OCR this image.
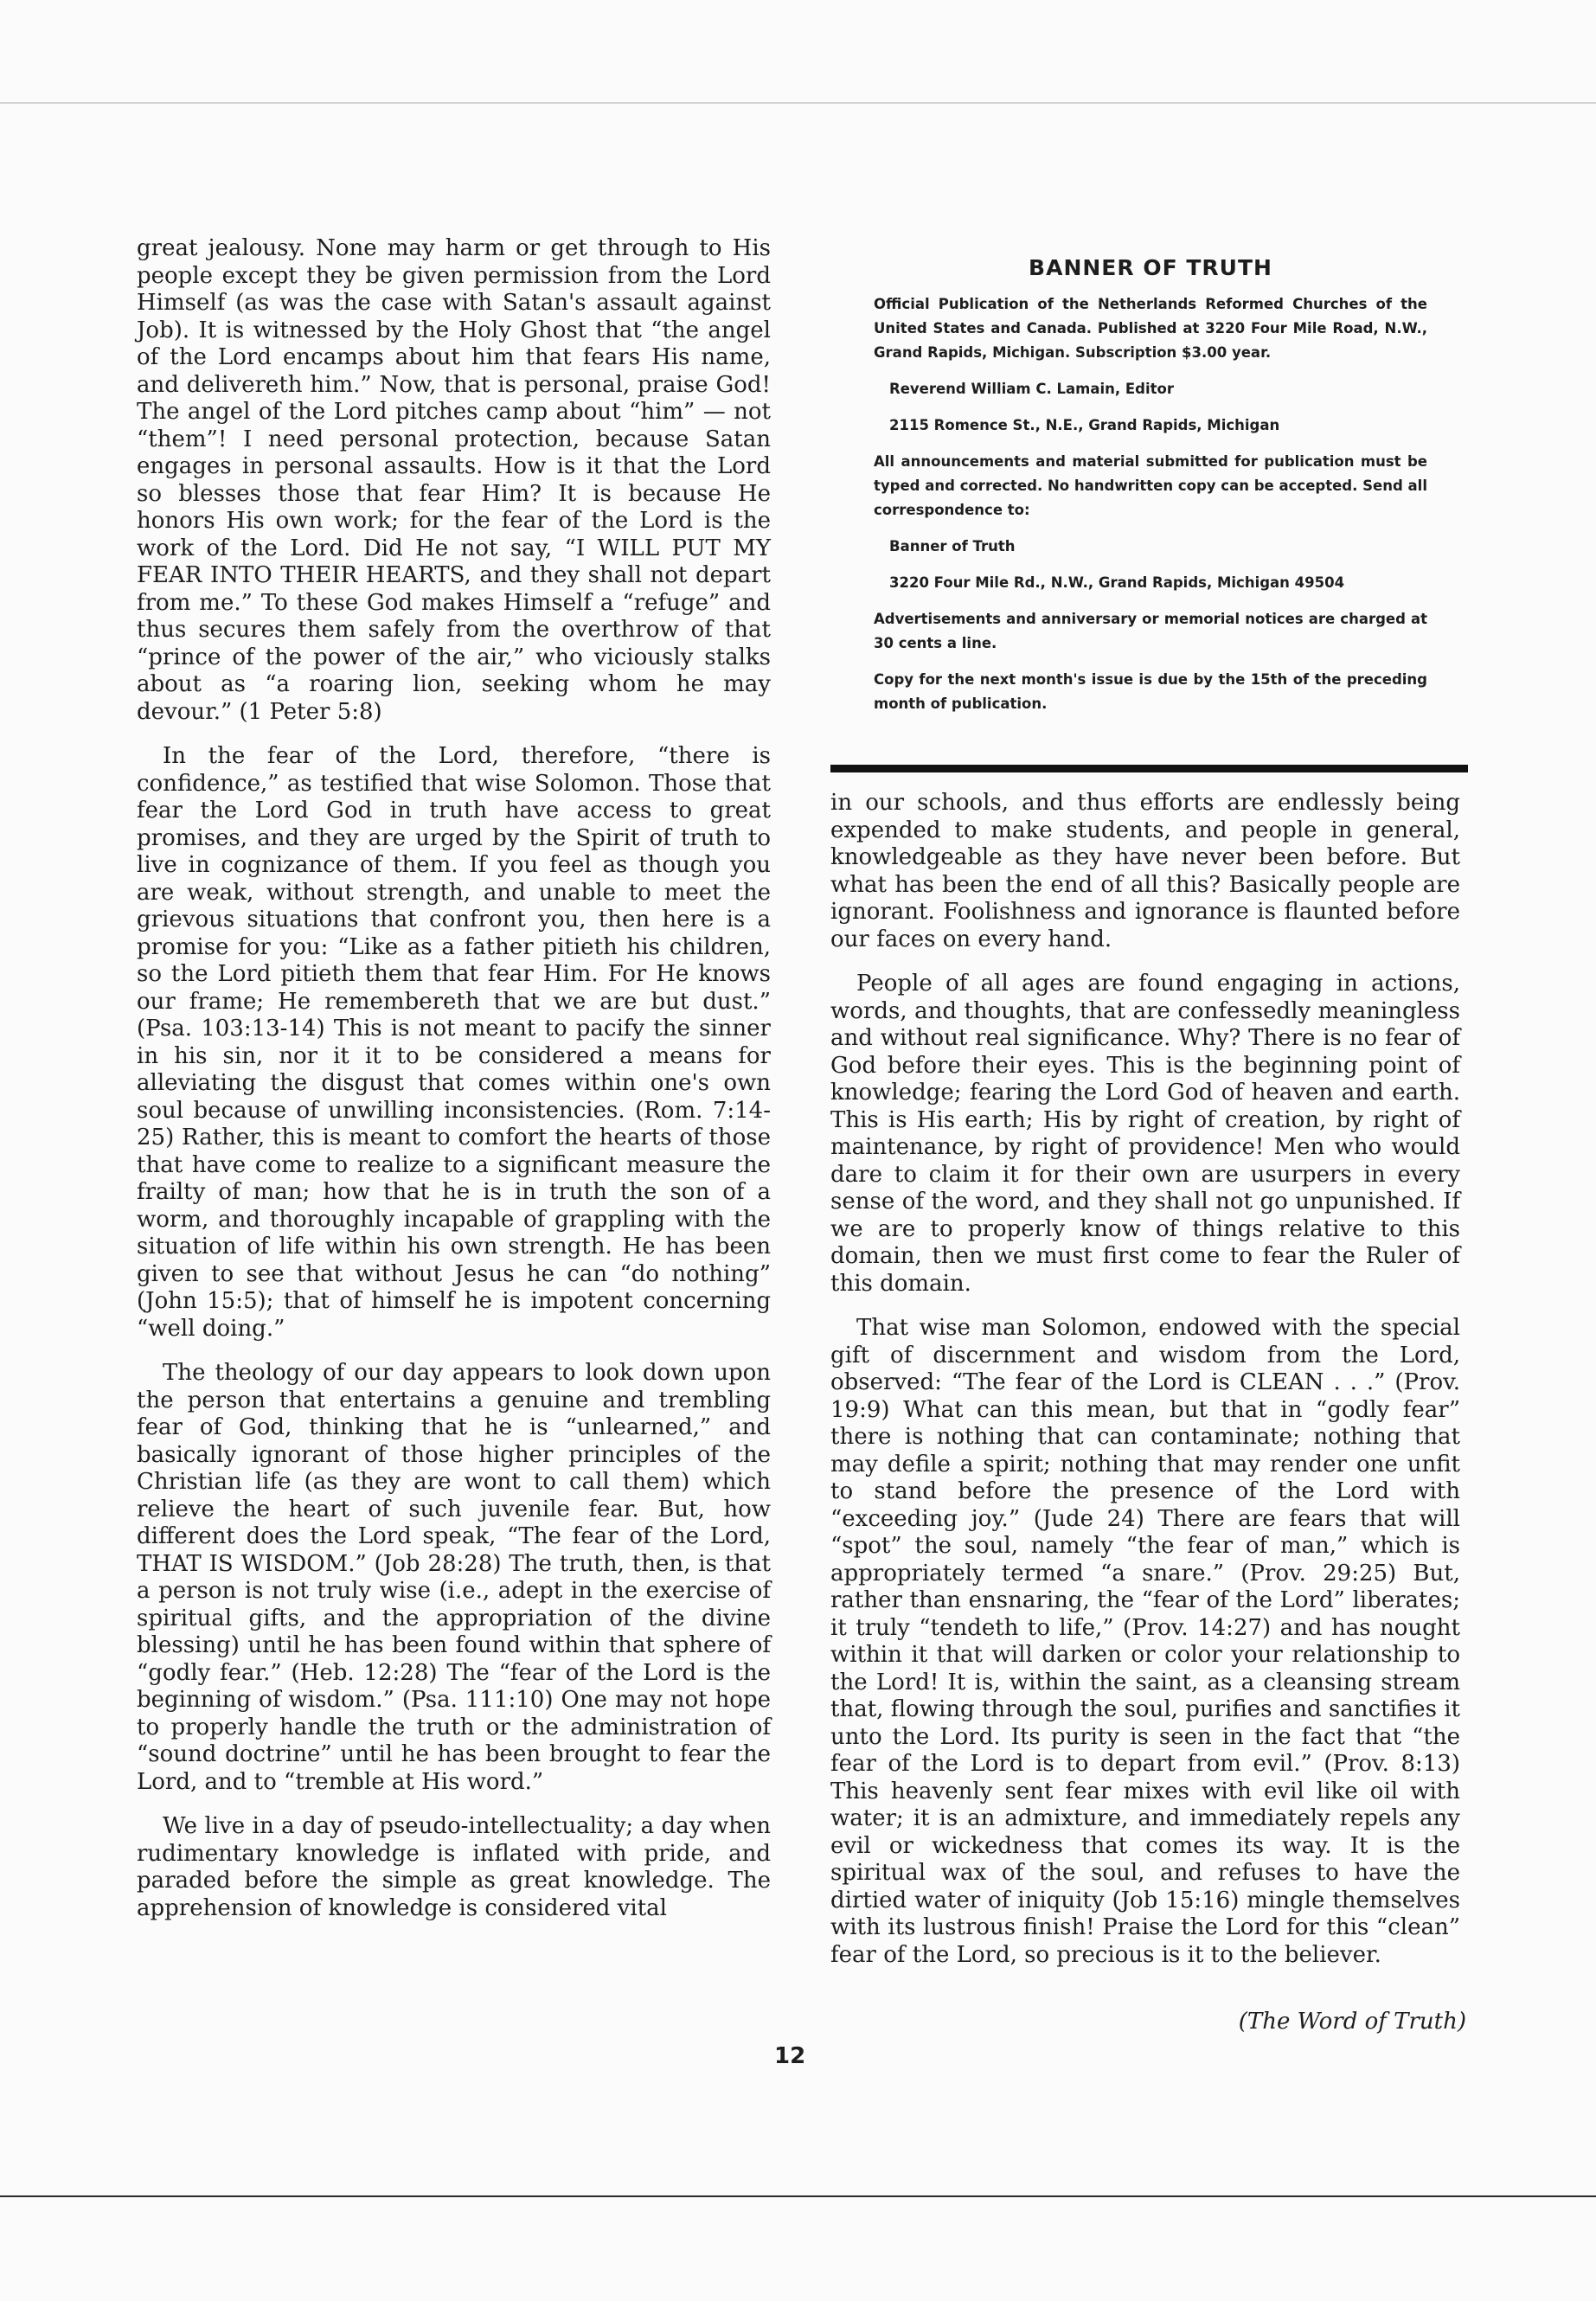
great jealousy. None may harm or get through to His people except they be given permission from the Lord Himself (as was the case with Satan's assault against Job). It is witnessed by the Holy Ghost that “the angel of the Lord encamps about him that fears His name, and delivereth him.” Now, that is personal, praise God! The angel of the Lord pitches camp about “him” — not “them”! I need personal protection, because Satan engages in personal assaults. How is it that the Lord so blesses those that fear Him? It is because He honors His own work; for the fear of the Lord is the work of the Lord. Did He not say, “I WILL PUT MY FEAR INTO THEIR HEARTS, and they shall not depart from me.” To these God makes Himself a “refuge” and thus secures them safely from the overthrow of that “prince of the power of the air,” who viciously stalks about as “a roaring lion, seeking whom he may devour.” (1 Peter 5:8)

In the fear of the Lord, therefore, “there is confidence,” as testified that wise Solomon. Those that fear the Lord God in truth have access to great promises, and they are urged by the Spirit of truth to live in cognizance of them. If you feel as though you are weak, without strength, and unable to meet the grievous situations that confront you, then here is a promise for you: “Like as a father pitieth his children, so the Lord pitieth them that fear Him. For He knows our frame; He remembereth that we are but dust.” (Psa. 103:13-14) This is not meant to pacify the sinner in his sin, nor it it to be considered a means for alleviating the disgust that comes within one's own soul because of unwilling inconsistencies. (Rom. 7:14-25) Rather, this is meant to comfort the hearts of those that have come to realize to a significant measure the frailty of man; how that he is in truth the son of a worm, and thoroughly incapable of grappling with the situation of life within his own strength. He has been given to see that without Jesus he can “do nothing” (John 15:5); that of himself he is impotent concerning “well doing.”

The theology of our day appears to look down upon the person that entertains a genuine and trembling fear of God, thinking that he is “unlearned,” and basically ignorant of those higher principles of the Christian life (as they are wont to call them) which relieve the heart of such juvenile fear. But, how different does the Lord speak, “The fear of the Lord, THAT IS WISDOM.” (Job 28:28) The truth, then, is that a person is not truly wise (i.e., adept in the exercise of spiritual gifts, and the appropriation of the divine blessing) until he has been found within that sphere of “godly fear.” (Heb. 12:28) The “fear of the Lord is the beginning of wisdom.” (Psa. 111:10) One may not hope to properly handle the truth or the administration of “sound doctrine” until he has been brought to fear the Lord, and to “tremble at His word.”

We live in a day of pseudo-intellectuality; a day when rudimentary knowledge is inflated with pride, and paraded before the simple as great knowledge. The apprehension of knowledge is considered vital

BANNER OF TRUTH
Official Publication of the Netherlands Reformed Churches of the United States and Canada. Published at 3220 Four Mile Road, N.W., Grand Rapids, Michigan. Subscription $3.00 year.
Reverend William C. Lamain, Editor
2115 Romence St., N.E., Grand Rapids, Michigan
All announcements and material submitted for publication must be typed and corrected. No handwritten copy can be accepted. Send all correspondence to:
Banner of Truth
3220 Four Mile Rd., N.W., Grand Rapids, Michigan 49504
Advertisements and anniversary or memorial notices are charged at 30 cents a line.
Copy for the next month's issue is due by the 15th of the preceding month of publication.

in our schools, and thus efforts are endlessly being expended to make students, and people in general, knowledgeable as they have never been before. But what has been the end of all this? Basically people are ignorant. Foolishness and ignorance is flaunted before our faces on every hand.

People of all ages are found engaging in actions, words, and thoughts, that are confessedly meaningless and without real significance. Why? There is no fear of God before their eyes. This is the beginning point of knowledge; fearing the Lord God of heaven and earth. This is His earth; His by right of creation, by right of maintenance, by right of providence! Men who would dare to claim it for their own are usurpers in every sense of the word, and they shall not go unpunished. If we are to properly know of things relative to this domain, then we must first come to fear the Ruler of this domain.

That wise man Solomon, endowed with the special gift of discernment and wisdom from the Lord, observed: “The fear of the Lord is CLEAN . . .” (Prov. 19:9) What can this mean, but that in “godly fear” there is nothing that can contaminate; nothing that may defile a spirit; nothing that may render one unfit to stand before the presence of the Lord with “exceeding joy.” (Jude 24) There are fears that will “spot” the soul, namely “the fear of man,” which is appropriately termed “a snare.” (Prov. 29:25) But, rather than ensnaring, the “fear of the Lord” liberates; it truly “tendeth to life,” (Prov. 14:27) and has nought within it that will darken or color your relationship to the Lord! It is, within the saint, as a cleansing stream that, flowing through the soul, purifies and sanctifies it unto the Lord. Its purity is seen in the fact that “the fear of the Lord is to depart from evil.” (Prov. 8:13) This heavenly sent fear mixes with evil like oil with water; it is an admixture, and immediately repels any evil or wickedness that comes its way. It is the spiritual wax of the soul, and refuses to have the dirtied water of iniquity (Job 15:16) mingle themselves with its lustrous finish! Praise the Lord for this “clean” fear of the Lord, so precious is it to the believer.

(The Word of Truth)
12
